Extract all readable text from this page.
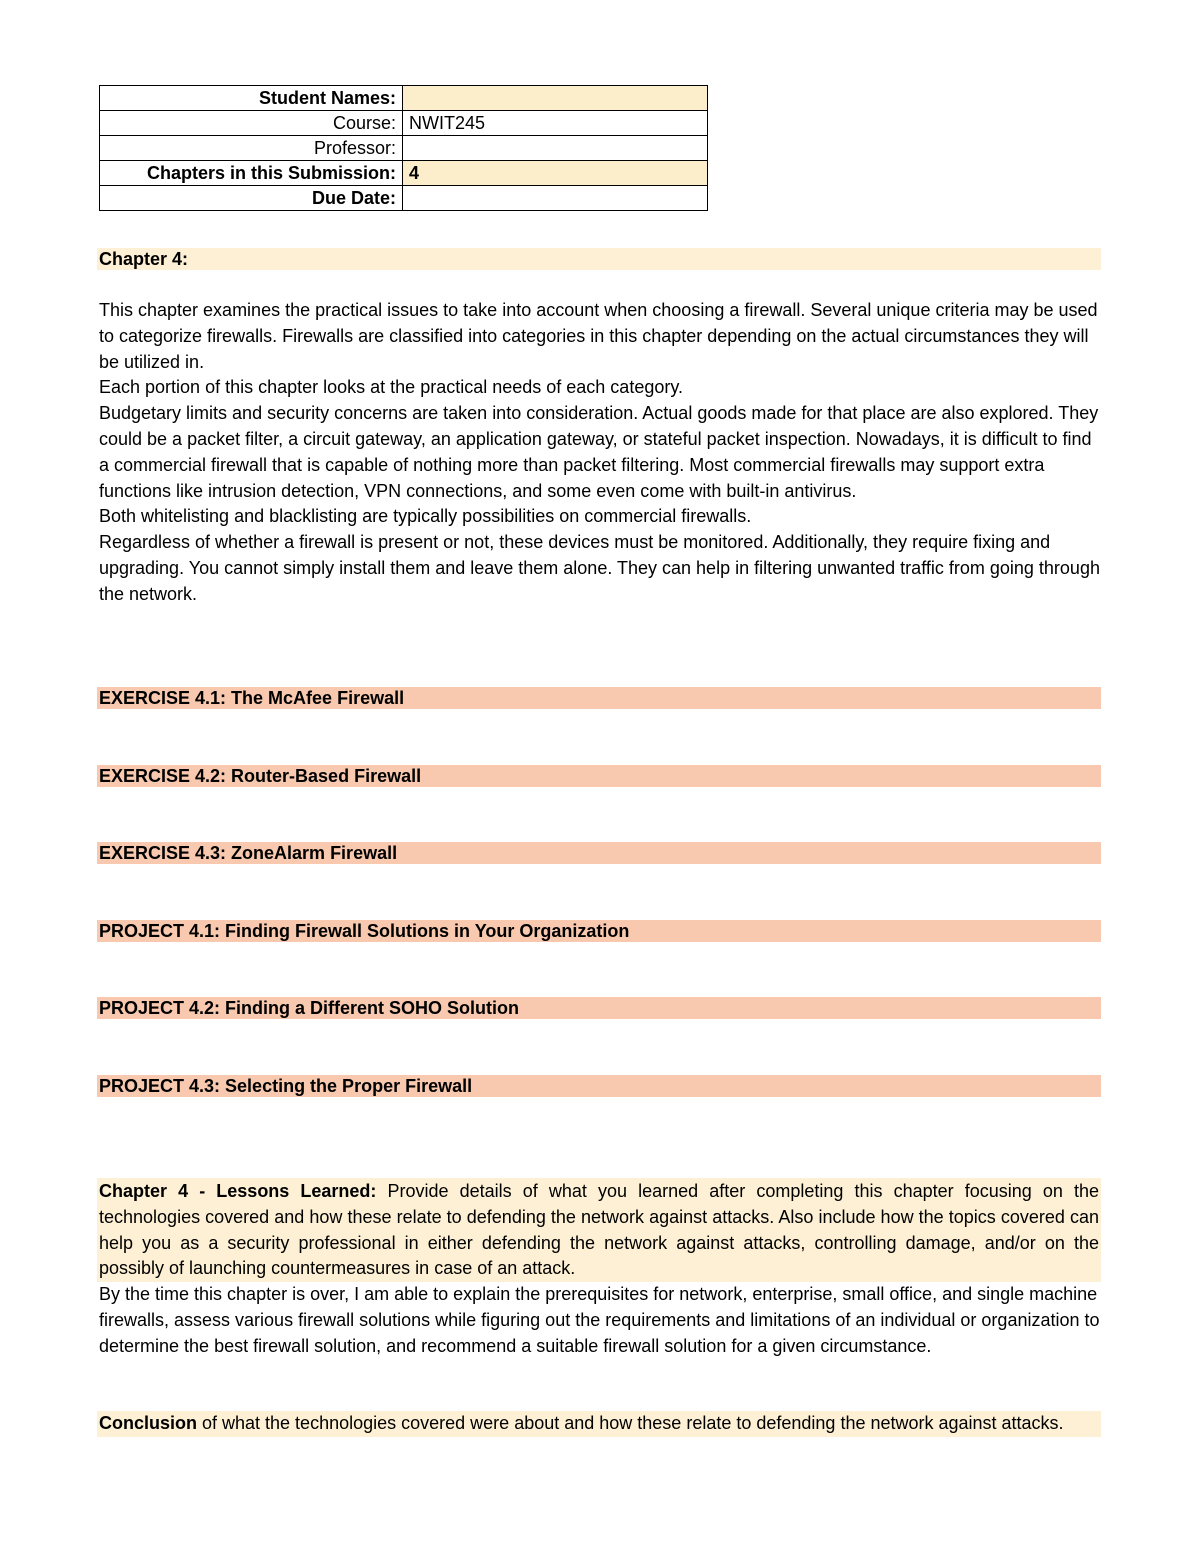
Student Names:	
Course:	NWIT245
Professor:	
Chapters in this Submission:	4
Due Date:	
Chapter 4:

This chapter examines the practical issues to take into account when choosing a firewall. Several unique criteria may be used to categorize firewalls. Firewalls are classified into categories in this chapter depending on the actual circumstances they will be utilized in.

Each portion of this chapter looks at the practical needs of each category.

Budgetary limits and security concerns are taken into consideration. Actual goods made for that place are also explored. They could be a packet filter, a circuit gateway, an application gateway, or stateful packet inspection. Nowadays, it is difficult to find a commercial firewall that is capable of nothing more than packet filtering. Most commercial firewalls may support extra functions like intrusion detection, VPN connections, and some even come with built-in antivirus.

Both whitelisting and blacklisting are typically possibilities on commercial firewalls.

Regardless of whether a firewall is present or not, these devices must be monitored. Additionally, they require fixing and upgrading. You cannot simply install them and leave them alone. They can help in filtering unwanted traffic from going through the network.

EXERCISE 4.1: The McAfee Firewall
EXERCISE 4.2: Router-Based Firewall
EXERCISE 4.3: ZoneAlarm Firewall
PROJECT 4.1: Finding Firewall Solutions in Your Organization
PROJECT 4.2: Finding a Different SOHO Solution
PROJECT 4.3: Selecting the Proper Firewall
Chapter 4 - Lessons Learned: Provide details of what you learned after completing this chapter focusing on the technologies covered and how these relate to defending the network against attacks. Also include how the topics covered can help you as a security professional in either defending the network against attacks, controlling damage, and/or on the possibly of launching countermeasures in case of an attack.
By the time this chapter is over, I am able to explain the prerequisites for network, enterprise, small office, and single machine firewalls, assess various firewall solutions while figuring out the requirements and limitations of an individual or organization to determine the best firewall solution, and recommend a suitable firewall solution for a given circumstance.
Conclusion of what the technologies covered were about and how these relate to defending the network against attacks.
